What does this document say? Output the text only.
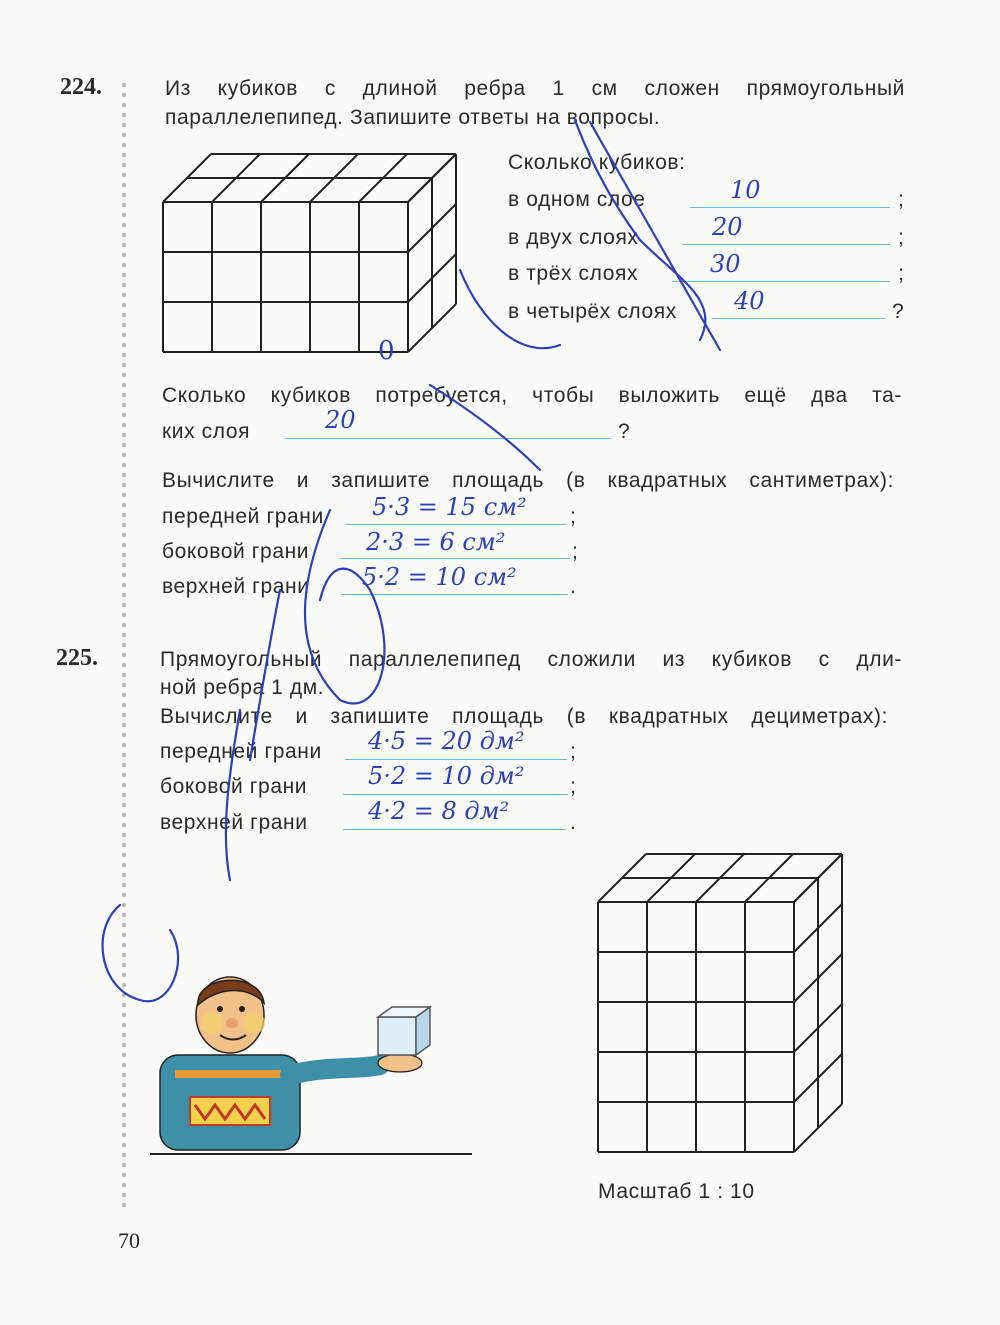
224.	Из кубиков с длиной ребра 1 см сложен прямоугольный
параллелепипед. Запишите ответы на вопросы.
Сколько кубиков:
в одном слое	10	;
в двух слоях	20	;
в трёх слоях	30	;
в четырёх слоях 40	?
Сколько кубиков потребуется, чтобы выложить ещё два та-
ких слоя	20	?
Вычислите и запишите площадь (в квадратных сантиметрах):
передней грани 5·3 = 15 см² ;
боковой грани 2·3 = 6 см²	;
верхней грани 5·2 = 10 см²	.
225.	Прямоугольный параллелепипед сложили из кубиков с дли-
ной ребра 1 дм.
Вычислите и запишите площадь (в квадратных дециметрах):
передней грани 4·5 = 20 дм² ;
боковой грани	5·2 = 10 дм² ;
верхней грани	4·2 = 8 дм²	.
0
Масштаб 1 : 10
70
